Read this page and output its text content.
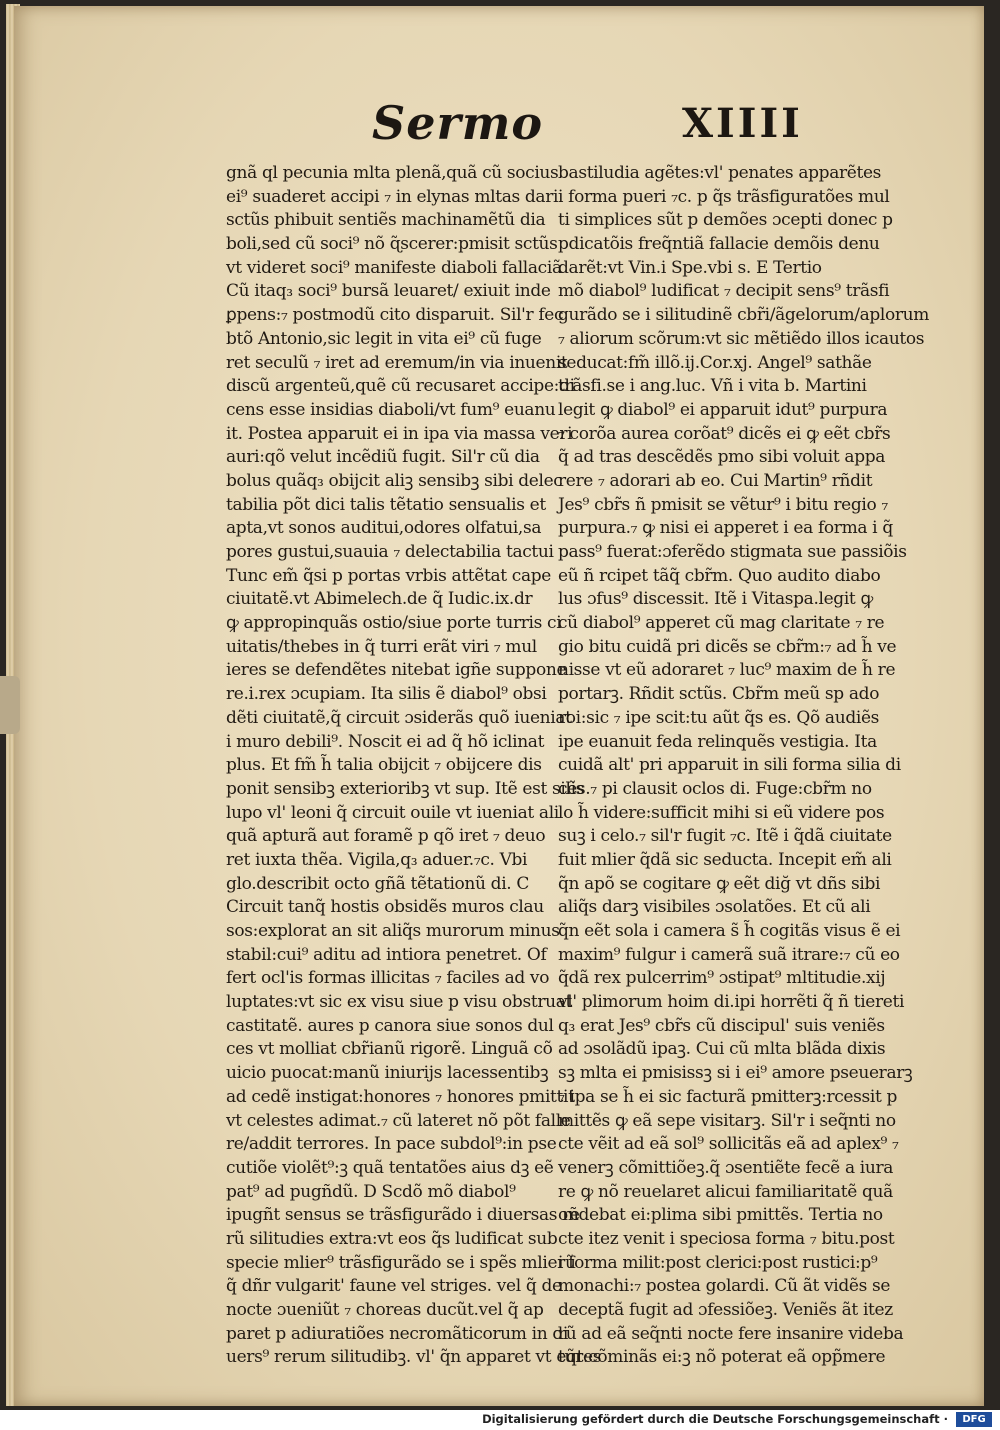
Sermo	XIIII
gnã ql pecunia mlta plenã,quã cũ socius
ei⁹ suaderet accipi ₇ in elynas mltas dari
sctũs phibuit sentiẽs machinamẽtũ dia
boli,sed cũ soci⁹ nõ ɋ̃scerer:pmisit sctũs
vt videret soci⁹ manifeste diaboli fallaciã
Cũ itaq₃ soci⁹ bursã leuaret/ exiuit inde
ꝑpens:₇ postmodũ cito disparuit. Sil'r fec
btõ Antonio,sic legit in vita ei⁹ cũ fuge
ret seculũ ₇ iret ad eremum/in via inuenit
discũ argenteũ,quẽ cũ recusaret accipe:di
cens esse insidias diaboli/vt fum⁹ euanu
it. Postea apparuit ei in ipa via massa veri
auri:qõ velut incẽdiũ fugit. Sil'r cũ dia
bolus quãq₃ obijcit aliꝫ sensibꝫ sibi delec
tabilia põt dici talis tẽtatio sensualis et
apta,vt sonos auditui,odores olfatui,sa
pores gustui,suauia ₇ delectabilia tactui
Tunc em̃ q̃si p portas vrbis attẽtat cape
ciuitatẽ.vt Abimelech.de q̃ Iudic.ix.dr
ꝙ appropinquãs ostio/siue porte turris ci
uitatis/thebes in q̃ turri erãt viri ₇ mul
ieres se defendẽtes nitebat igñe suppone
re.i.rex ɔcupiam. Ita silis ẽ diabol⁹ obsi
dẽti ciuitatẽ,q̃ circuit ɔsiderãs quõ iueniat
i muro debili⁹. Noscit ei ad q̃ hõ iclinat
plus. Et fm̃ h̃ talia obijcit ₇ obijcere dis
ponit sensibꝫ exterioribꝫ vt sup. Itẽ est silis
lupo vl' leoni q̃ circuit ouile vt iueniat ali
quã apturã aut foramẽ p qõ iret ₇ deuo
ret iuxta thẽa. Vigila,q₃ aduer.₇c. Vbi
glo.describit octo gñã tẽtationũ di. C
Circuit tanq̃ hostis obsidẽs muros clau
sos:explorat an sit aliq̃s murorum minus
stabil:cui⁹ aditu ad intiora penetret. Of
fert ocl'is formas illicitas ₇ faciles ad vo
luptates:vt sic ex visu siue p visu obstruat
castitatẽ. aures p canora siue sonos dul
ces vt molliat cbr̃ianũ rigorẽ. Linguã cõ
uicio puocat:manũ iniurijs lacessentibꝫ
ad cedẽ instigat:honores ₇ honores pmittit
vt celestes adimat.₇ cũ lateret nõ põt falle
re/addit terrores. In pace subdol⁹:in pse
cutiõe violẽt⁹:ꝫ quã tentatões aius dꝫ eẽ
pat⁹ ad pugñdũ. D Scdõ mõ diabol⁹
ipugñt sensus se trãsfigurãdo i diuersas re
rũ silitudies extra:vt eos q̃s ludificat sub
specie mlier⁹ trãsfigurãdo se i spẽs mlierũ
q̃ dñr vulgarit' faune vel striges. vel q̃ de
nocte ɔueniũt ₇ choreas ducũt.vel q̃ ap
paret p adiuratiões necromãticorum in di
uers⁹ rerum silitudibꝫ. vl' q̃n apparet vt eq̃tes
bastiludia agẽtes:vl' penates apparẽtes
i forma pueri ₇c. p q̃s trãsfiguratões mul
ti simplices sũt p demões ɔcepti donec p
pdicatõis freq̃ntiã fallacie demõis denu
darẽt:vt Vin.i Spe.vbi s. E Tertio
mõ diabol⁹ ludificat ₇ decipit sens⁹ trãsfi
gurãdo se i silitudinẽ cbr̃i/ãgelorum/aplorum
₇ aliorum scõrum:vt sic mẽtiẽdo illos icautos
seducat:fm̃ illõ.ij.Cor.xj. Angel⁹ sathãe
trãsfi.se i ang.luc. Vñ i vita b. Martini
legit ꝙ diabol⁹ ei apparuit idut⁹ purpura
₇ corõa aurea corõat⁹ dicẽs ei ꝙ eẽt cbr̃s
q̃ ad tras descẽdẽs pmo sibi voluit appa
rere ₇ adorari ab eo. Cui Martin⁹ rñdit
Jes⁹ cbr̃s ñ pmisit se vẽtur⁹ i bitu regio ₇
purpura.₇ ꝙ nisi ei apperet i ea forma i q̃
pass⁹ fuerat:ɔferẽdo stigmata sue passiõis
eũ ñ rcipet tãq̃ cbr̃m. Quo audito diabo
lus ɔfus⁹ discessit. Itẽ i Vitaspa.legit ꝙ
cũ diabol⁹ apperet cũ mag claritate ₇ re
gio bitu cuidã pri dicẽs se cbr̃m:₇ ad h̃ ve
nisse vt eũ adoraret ₇ luc⁹ maxim de h̃ re
portarꝫ. Rñdit sctũs. Cbr̃m meũ sp ado
roi:sic ₇ ipe scit:tu aũt q̃s es. Qõ audiẽs
ipe euanuit feda relinquẽs vestigia. Ita
cuidã alt' pri apparuit in sili forma silia di
cẽs.₇ pi clausit oclos di. Fuge:cbr̃m no
lo h̃ videre:sufficit mihi si eũ videre pos
suꝫ i celo.₇ sil'r fugit ₇c. Itẽ i q̃dã ciuitate
fuit mlier q̃dã sic seducta. Incepit em̃ ali
q̃n apõ se cogitare ꝙ eẽt diğ vt dñs sibi
aliq̃s darꝫ visibiles ɔsolatões. Et cũ ali
q̃n eẽt sola i camera s̃ h̃ cogitãs visus ẽ ei
maxim⁹ fulgur i camerã suã itrare:₇ cũ eo
q̃dã rex pulcerrim⁹ ɔstipat⁹ mltitudie.xij
vl' plimorum hoim di.ipi horrẽti q̃ ñ tiereti
q₃ erat Jes⁹ cbr̃s cũ discipul' suis veniẽs
ad ɔsolãdũ ipaꝫ. Cui cũ mlta blãda dixis
sꝫ mlta ei pmisissꝫ si i ei⁹ amore pseuerarꝫ
₇ ipa se h̃ ei sic facturã pmitterꝫ:rcessit p
mittẽs ꝙ eã sepe visitarꝫ. Sil'r i seq̃nti no
cte vẽit ad eã sol⁹ sollicitãs eã ad aplex⁹ ₇
venerꝫ cõmittiõeꝫ.q̃ ɔsentiẽte fecẽ a iura
re ꝙ nõ reuelaret alicui familiaritatẽ quã
oñdebat ei:plima sibi pmittẽs. Tertia no
cte itez venit i speciosa forma ₇ bitu.post
i forma milit:post clerici:post rustici:p⁹
monachi:₇ postea golardi. Cũ ãt vidẽs se
deceptã fugit ad ɔfessiõeꝫ. Veniẽs ãt itez
rũ ad eã seq̃nti nocte fere insanire videba
tur:cõminãs ei:ꝫ nõ poterat eã opp̃mere
Digitalisierung gefördert durch die Deutsche Forschungsgemeinschaft ·	DFG
